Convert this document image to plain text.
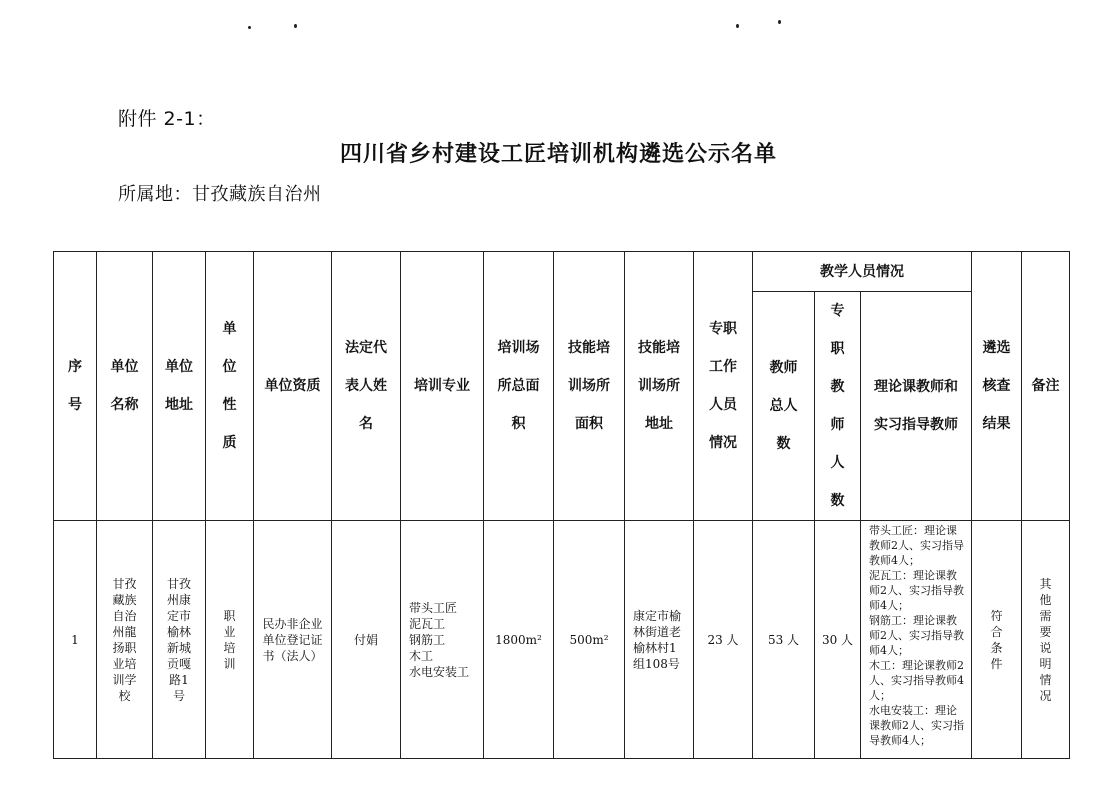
附件 2-1：
四川省乡村建设工匠培训机构遴选公示名单
所属地：甘孜藏族自治州
序号	单位名称	单位地址	单位性质	单位资质	法定代表人姓名	培训专业	培训场所总面积	技能培训场所面积	技能培训场所地址	专职工作人员情况	教学人员情况			遴选核查结果	备注
											教师总人数	专职教师人数	理论课教师和实习指导教师		
1	甘孜藏族自治州龍扬职业培训学校	甘孜州康定市榆林新城贡嘎路1号	职业培训	民办非企业单位登记证书（法人）	付娟	带头工匠
泥瓦工
钢筋工
木工
水电安装工	1800m²	500m²	康定市榆林街道老榆林村1组108号	23 人	53 人	30 人	带头工匠：理论课教师2人、实习指导教师4人；
泥瓦工：理论课教师2人、实习指导教师4人；
钢筋工：理论课教师2人、实习指导教师4人；
木工：理论课教师2人、实习指导教师4人；
水电安装工：理论课教师2人、实习指导教师4人；	符合条件	其他需要说明情况
